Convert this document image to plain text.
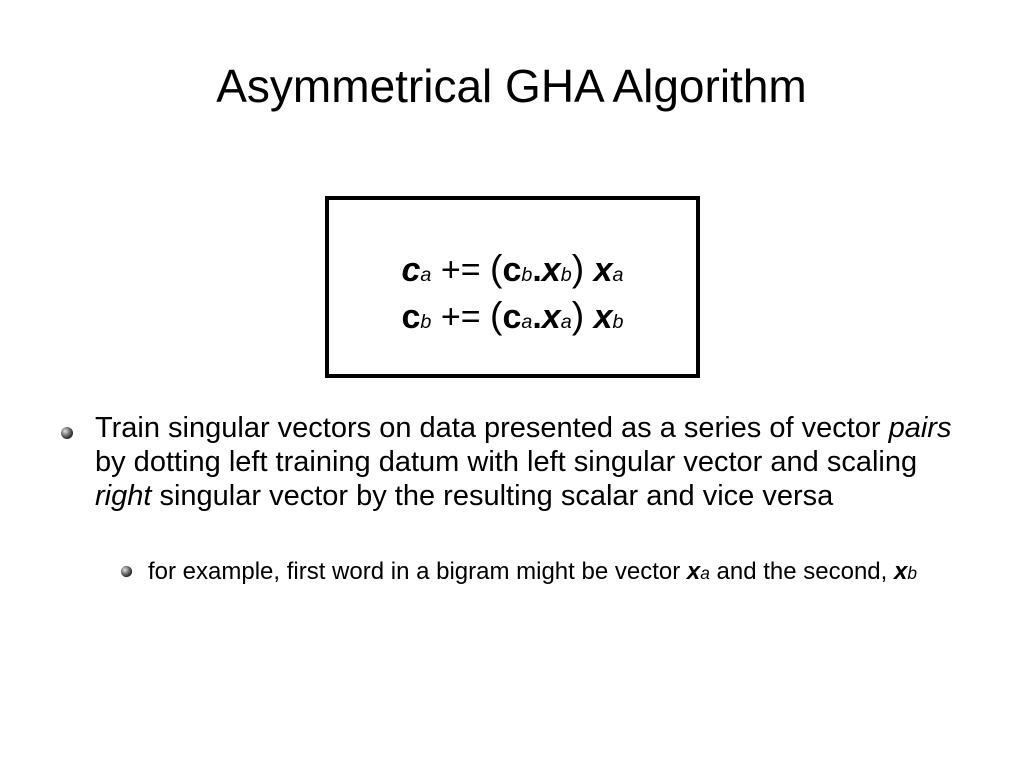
Asymmetrical GHA Algorithm
ca += (cb.xb) xa
cb += (ca.xa) xb
Train singular vectors on data presented as a series of vector pairs by dotting left training datum with left singular vector and scaling right singular vector by the resulting scalar and vice versa
for example, first word in a bigram might be vector xa and the second, xb
